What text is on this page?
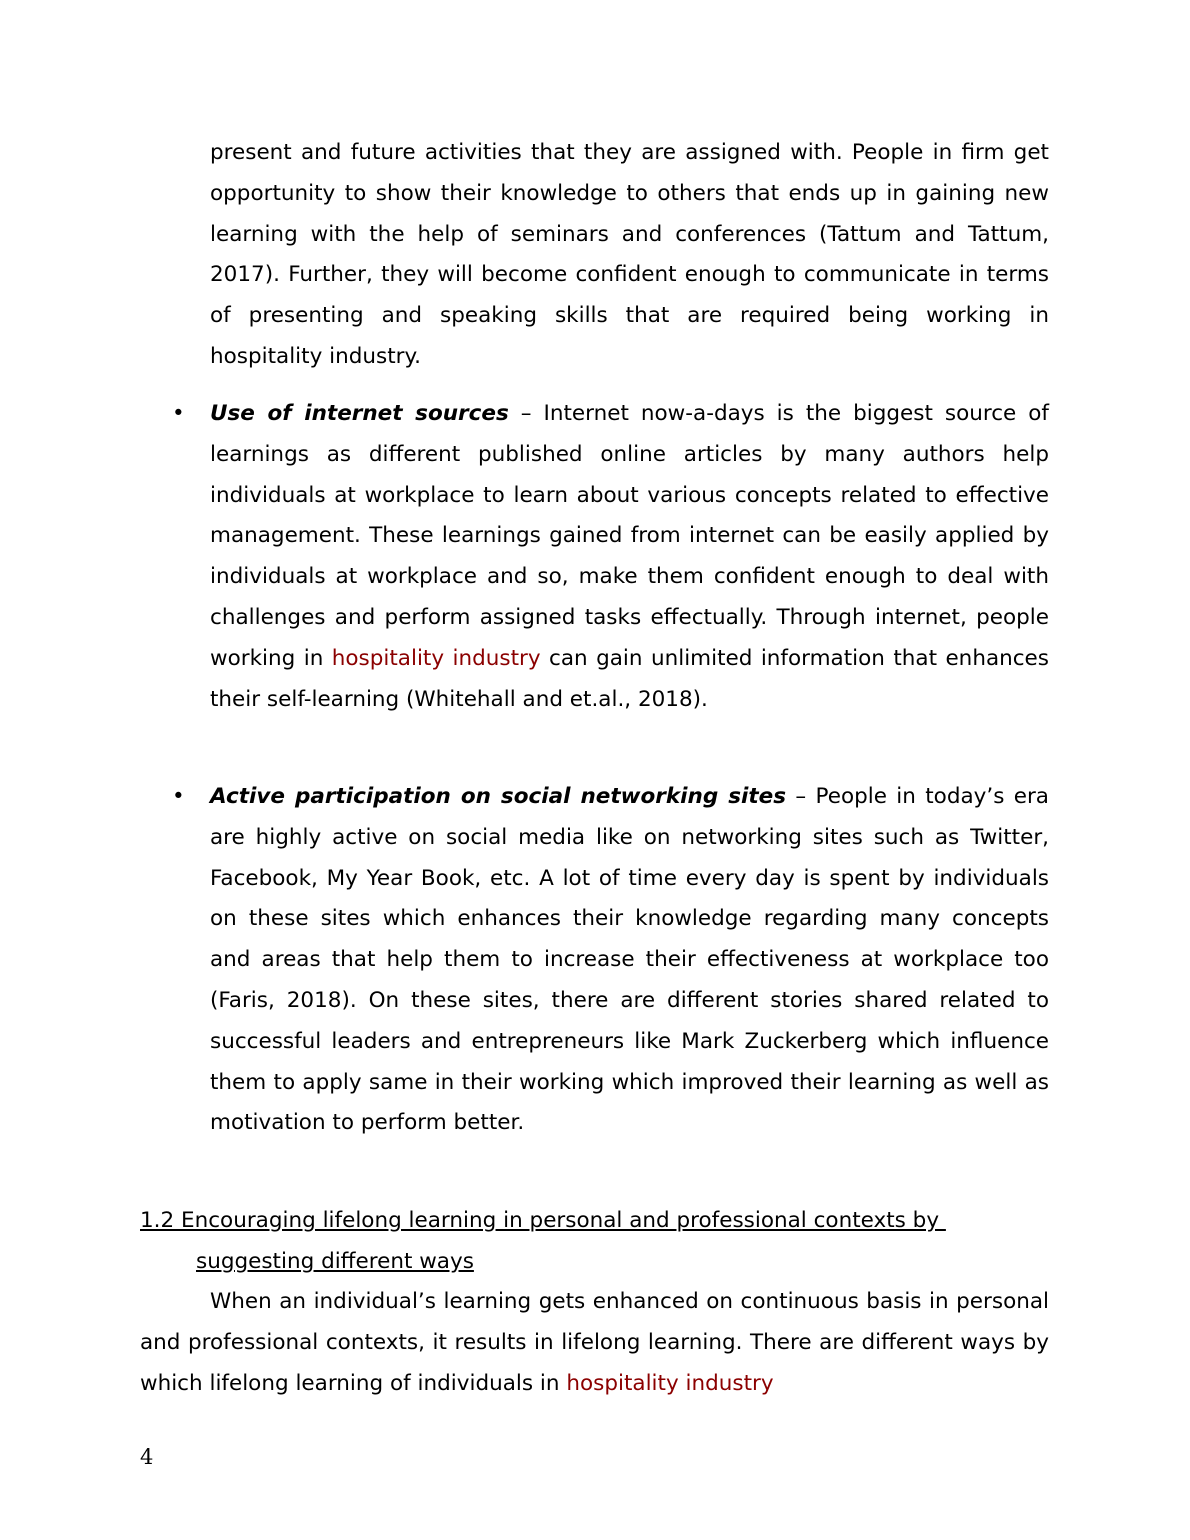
present and future activities that they are assigned with. People in firm get opportunity to show their knowledge to others that ends up in gaining new learning with the help of seminars and conferences (Tattum and Tattum, 2017). Further, they will become confident enough to communicate in terms of presenting and speaking skills that are required being working in hospitality industry.

•	Use of internet sources – Internet now-a-days is the biggest source of learnings as different published online articles by many authors help individuals at workplace to learn about various concepts related to effective management. These learnings gained from internet can be easily applied by individuals at workplace and so, make them confident enough to deal with challenges and perform assigned tasks effectually. Through internet, people working in hospitality industry can gain unlimited information that enhances their self-learning (Whitehall and et.al., 2018).

•	Active participation on social networking sites – People in today’s era are highly active on social media like on networking sites such as Twitter, Facebook, My Year Book, etc. A lot of time every day is spent by individuals on these sites which enhances their knowledge regarding many concepts and areas that help them to increase their effectiveness at workplace too (Faris, 2018). On these sites, there are different stories shared related to successful leaders and entrepreneurs like Mark Zuckerberg which influence them to apply same in their working which improved their learning as well as motivation to perform better.

1.2 Encouraging lifelong learning in personal and professional contexts by
suggesting different ways

When an individual’s learning gets enhanced on continuous basis in personal and professional contexts, it results in lifelong learning. There are different ways by which lifelong learning of individuals in hospitality industry

4
